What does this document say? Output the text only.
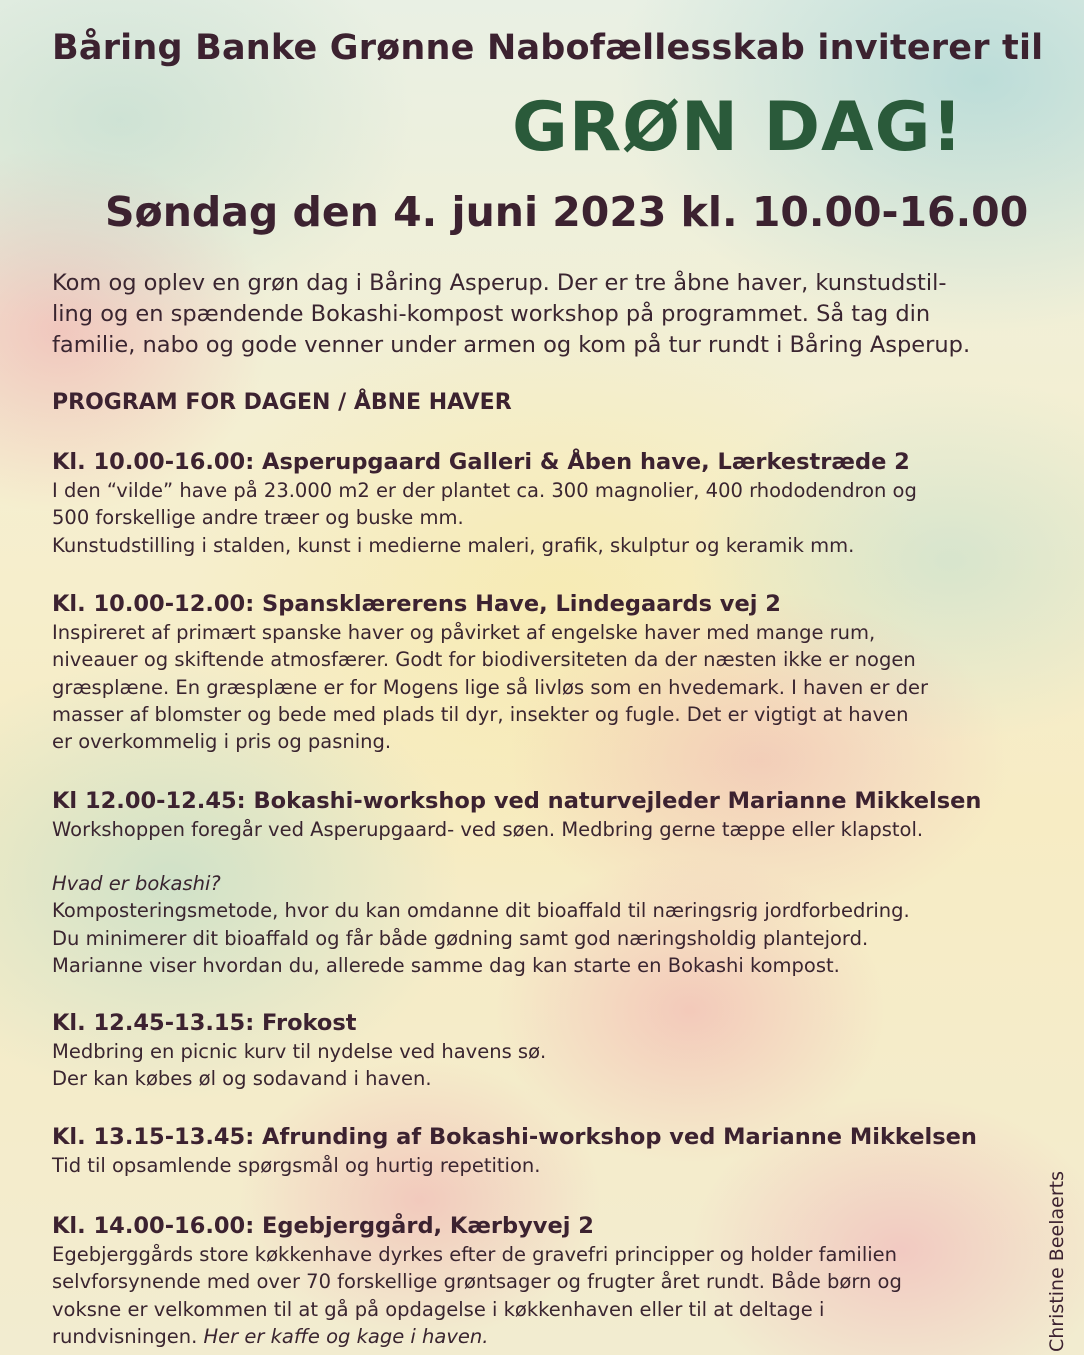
Båring Banke Grønne Nabofællesskab inviterer til
GRØN DAG!
Søndag den 4. juni 2023 kl. 10.00-16.00
Kom og oplev en grøn dag i Båring Asperup. Der er tre åbne haver, kunstudstil-
ling og en spændende Bokashi-kompost workshop på programmet. Så tag din
familie, nabo og gode venner under armen og kom på tur rundt i Båring Asperup.
PROGRAM FOR DAGEN / ÅBNE HAVER
Kl. 10.00-16.00: Asperupgaard Galleri & Åben have, Lærkestræde 2
I den “vilde” have på 23.000 m2 er der plantet ca. 300 magnolier, 400 rhododendron og
500 forskellige andre træer og buske mm.
Kunstudstilling i stalden, kunst i medierne maleri, grafik, skulptur og keramik mm.
Kl. 10.00-12.00: Spansklærerens Have, Lindegaards vej 2
Inspireret af primært spanske haver og påvirket af engelske haver med mange rum,
niveauer og skiftende atmosfærer. Godt for biodiversiteten da der næsten ikke er nogen
græsplæne. En græsplæne er for Mogens lige så livløs som en hvedemark. I haven er der
masser af blomster og bede med plads til dyr, insekter og fugle. Det er vigtigt at haven
er overkommelig i pris og pasning.
Kl 12.00-12.45: Bokashi-workshop ved naturvejleder Marianne Mikkelsen
Workshoppen foregår ved Asperupgaard- ved søen. Medbring gerne tæppe eller klapstol.
Hvad er bokashi?
Komposteringsmetode, hvor du kan omdanne dit bioaffald til næringsrig jordforbedring.
Du minimerer dit bioaffald og får både gødning samt god næringsholdig plantejord.
Marianne viser hvordan du, allerede samme dag kan starte en Bokashi kompost.
Kl. 12.45-13.15: Frokost
Medbring en picnic kurv til nydelse ved havens sø.
Der kan købes øl og sodavand i haven.
Kl. 13.15-13.45: Afrunding af Bokashi-workshop ved Marianne Mikkelsen
Tid til opsamlende spørgsmål og hurtig repetition.
Kl. 14.00-16.00: Egebjerggård, Kærbyvej 2
Egebjerggårds store køkkenhave dyrkes efter de gravefri principper og holder familien
selvforsynende med over 70 forskellige grøntsager og frugter året rundt. Både børn og
voksne er velkommen til at gå på opdagelse i køkkenhaven eller til at deltage i
rundvisningen. Her er kaffe og kage i haven.	Christine Beelaerts
